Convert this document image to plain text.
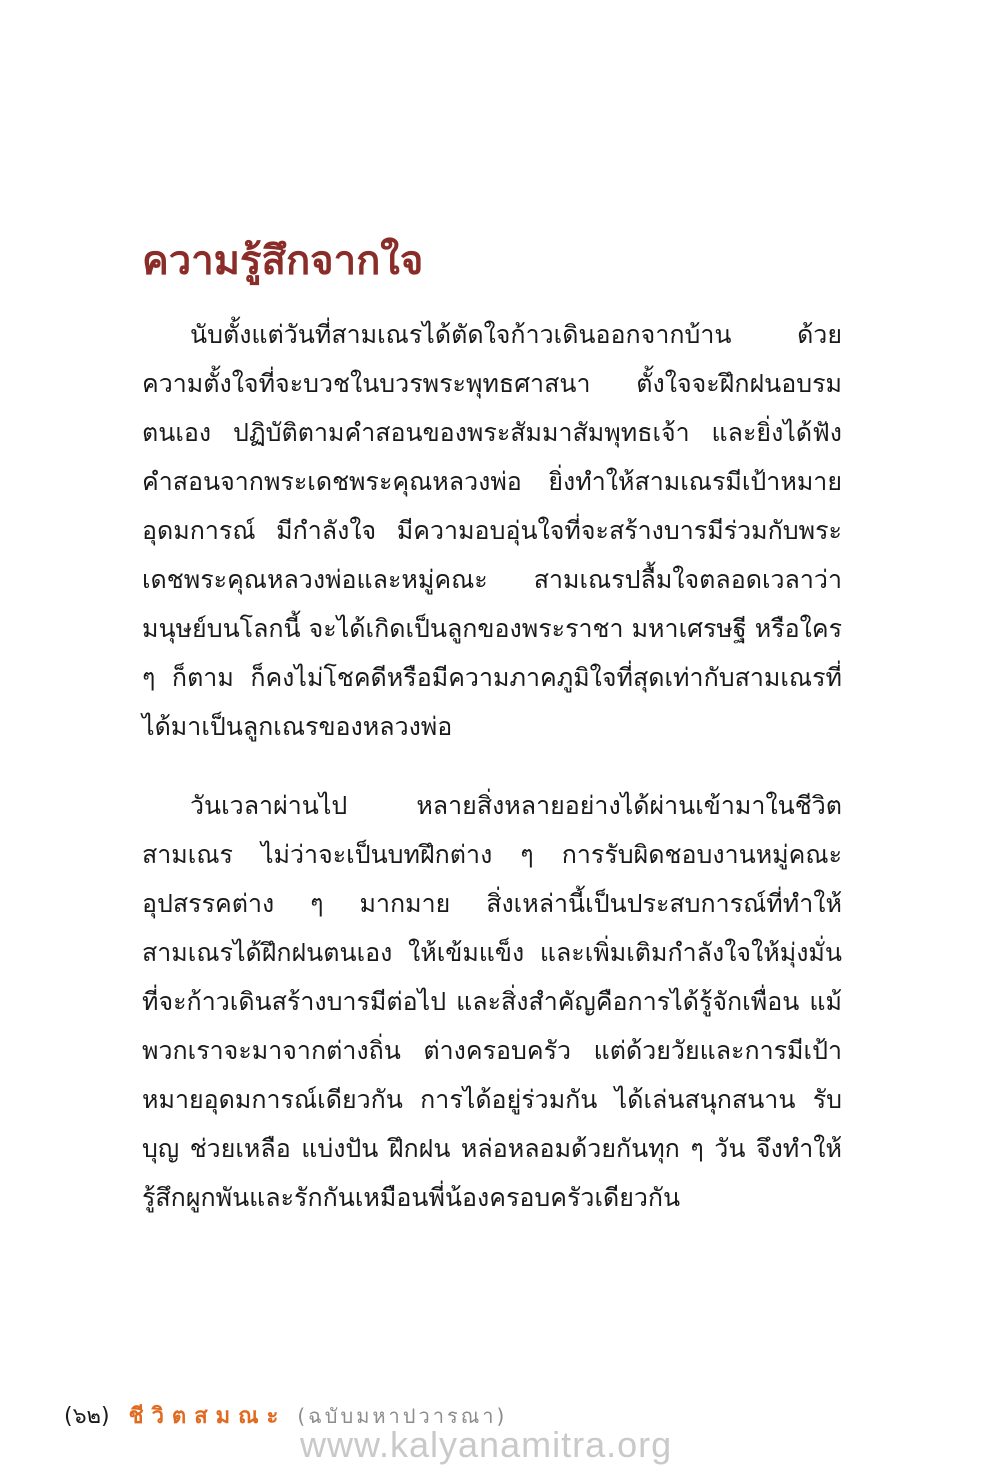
ความรู้สึกจากใจ

นับตั้งแต่วันที่สามเณรได้ตัดใจก้าวเดินออกจากบ้าน ด้วยความตั้งใจที่จะบวชในบวรพระพุทธศาสนา ตั้งใจจะฝึกฝนอบรมตนเอง ปฏิบัติตามคำสอนของพระสัมมาสัมพุทธเจ้า และยิ่งได้ฟังคำสอนจากพระเดชพระคุณหลวงพ่อ ยิ่งทำให้สามเณรมีเป้าหมายอุดมการณ์ มีกำลังใจ มีความอบอุ่นใจที่จะสร้างบารมีร่วมกับพระเดชพระคุณหลวงพ่อและหมู่คณะ สามเณรปลื้มใจตลอดเวลาว่า มนุษย์บนโลกนี้ จะได้เกิดเป็นลูกของพระราชา มหาเศรษฐี หรือใคร ๆ ก็ตาม ก็คงไม่โชคดีหรือมีความภาคภูมิใจที่สุดเท่ากับสามเณรที่ได้มาเป็นลูกเณรของหลวงพ่อ

วันเวลาผ่านไป หลายสิ่งหลายอย่างได้ผ่านเข้ามาในชีวิตสามเณร ไม่ว่าจะเป็นบทฝึกต่าง ๆ การรับผิดชอบงานหมู่คณะ อุปสรรคต่าง ๆ มากมาย สิ่งเหล่านี้เป็นประสบการณ์ที่ทำให้สามเณรได้ฝึกฝนตนเอง ให้เข้มแข็ง และเพิ่มเติมกำลังใจให้มุ่งมั่นที่จะก้าวเดินสร้างบารมีต่อไป และสิ่งสำคัญคือการได้รู้จักเพื่อน แม้พวกเราจะมาจากต่างถิ่น ต่างครอบครัว แต่ด้วยวัยและการมีเป้าหมายอุดมการณ์เดียวกัน การได้อยู่ร่วมกัน ได้เล่นสนุกสนาน รับบุญ ช่วยเหลือ แบ่งปัน ฝึกฝน หล่อหลอมด้วยกันทุก ๆ วัน จึงทำให้รู้สึกผูกพันและรักกันเหมือนพี่น้องครอบครัวเดียวกัน

(๖๒) ชีวิตสมณะ (ฉบับมหาปวารณา)
www.kalyanamitra.org
